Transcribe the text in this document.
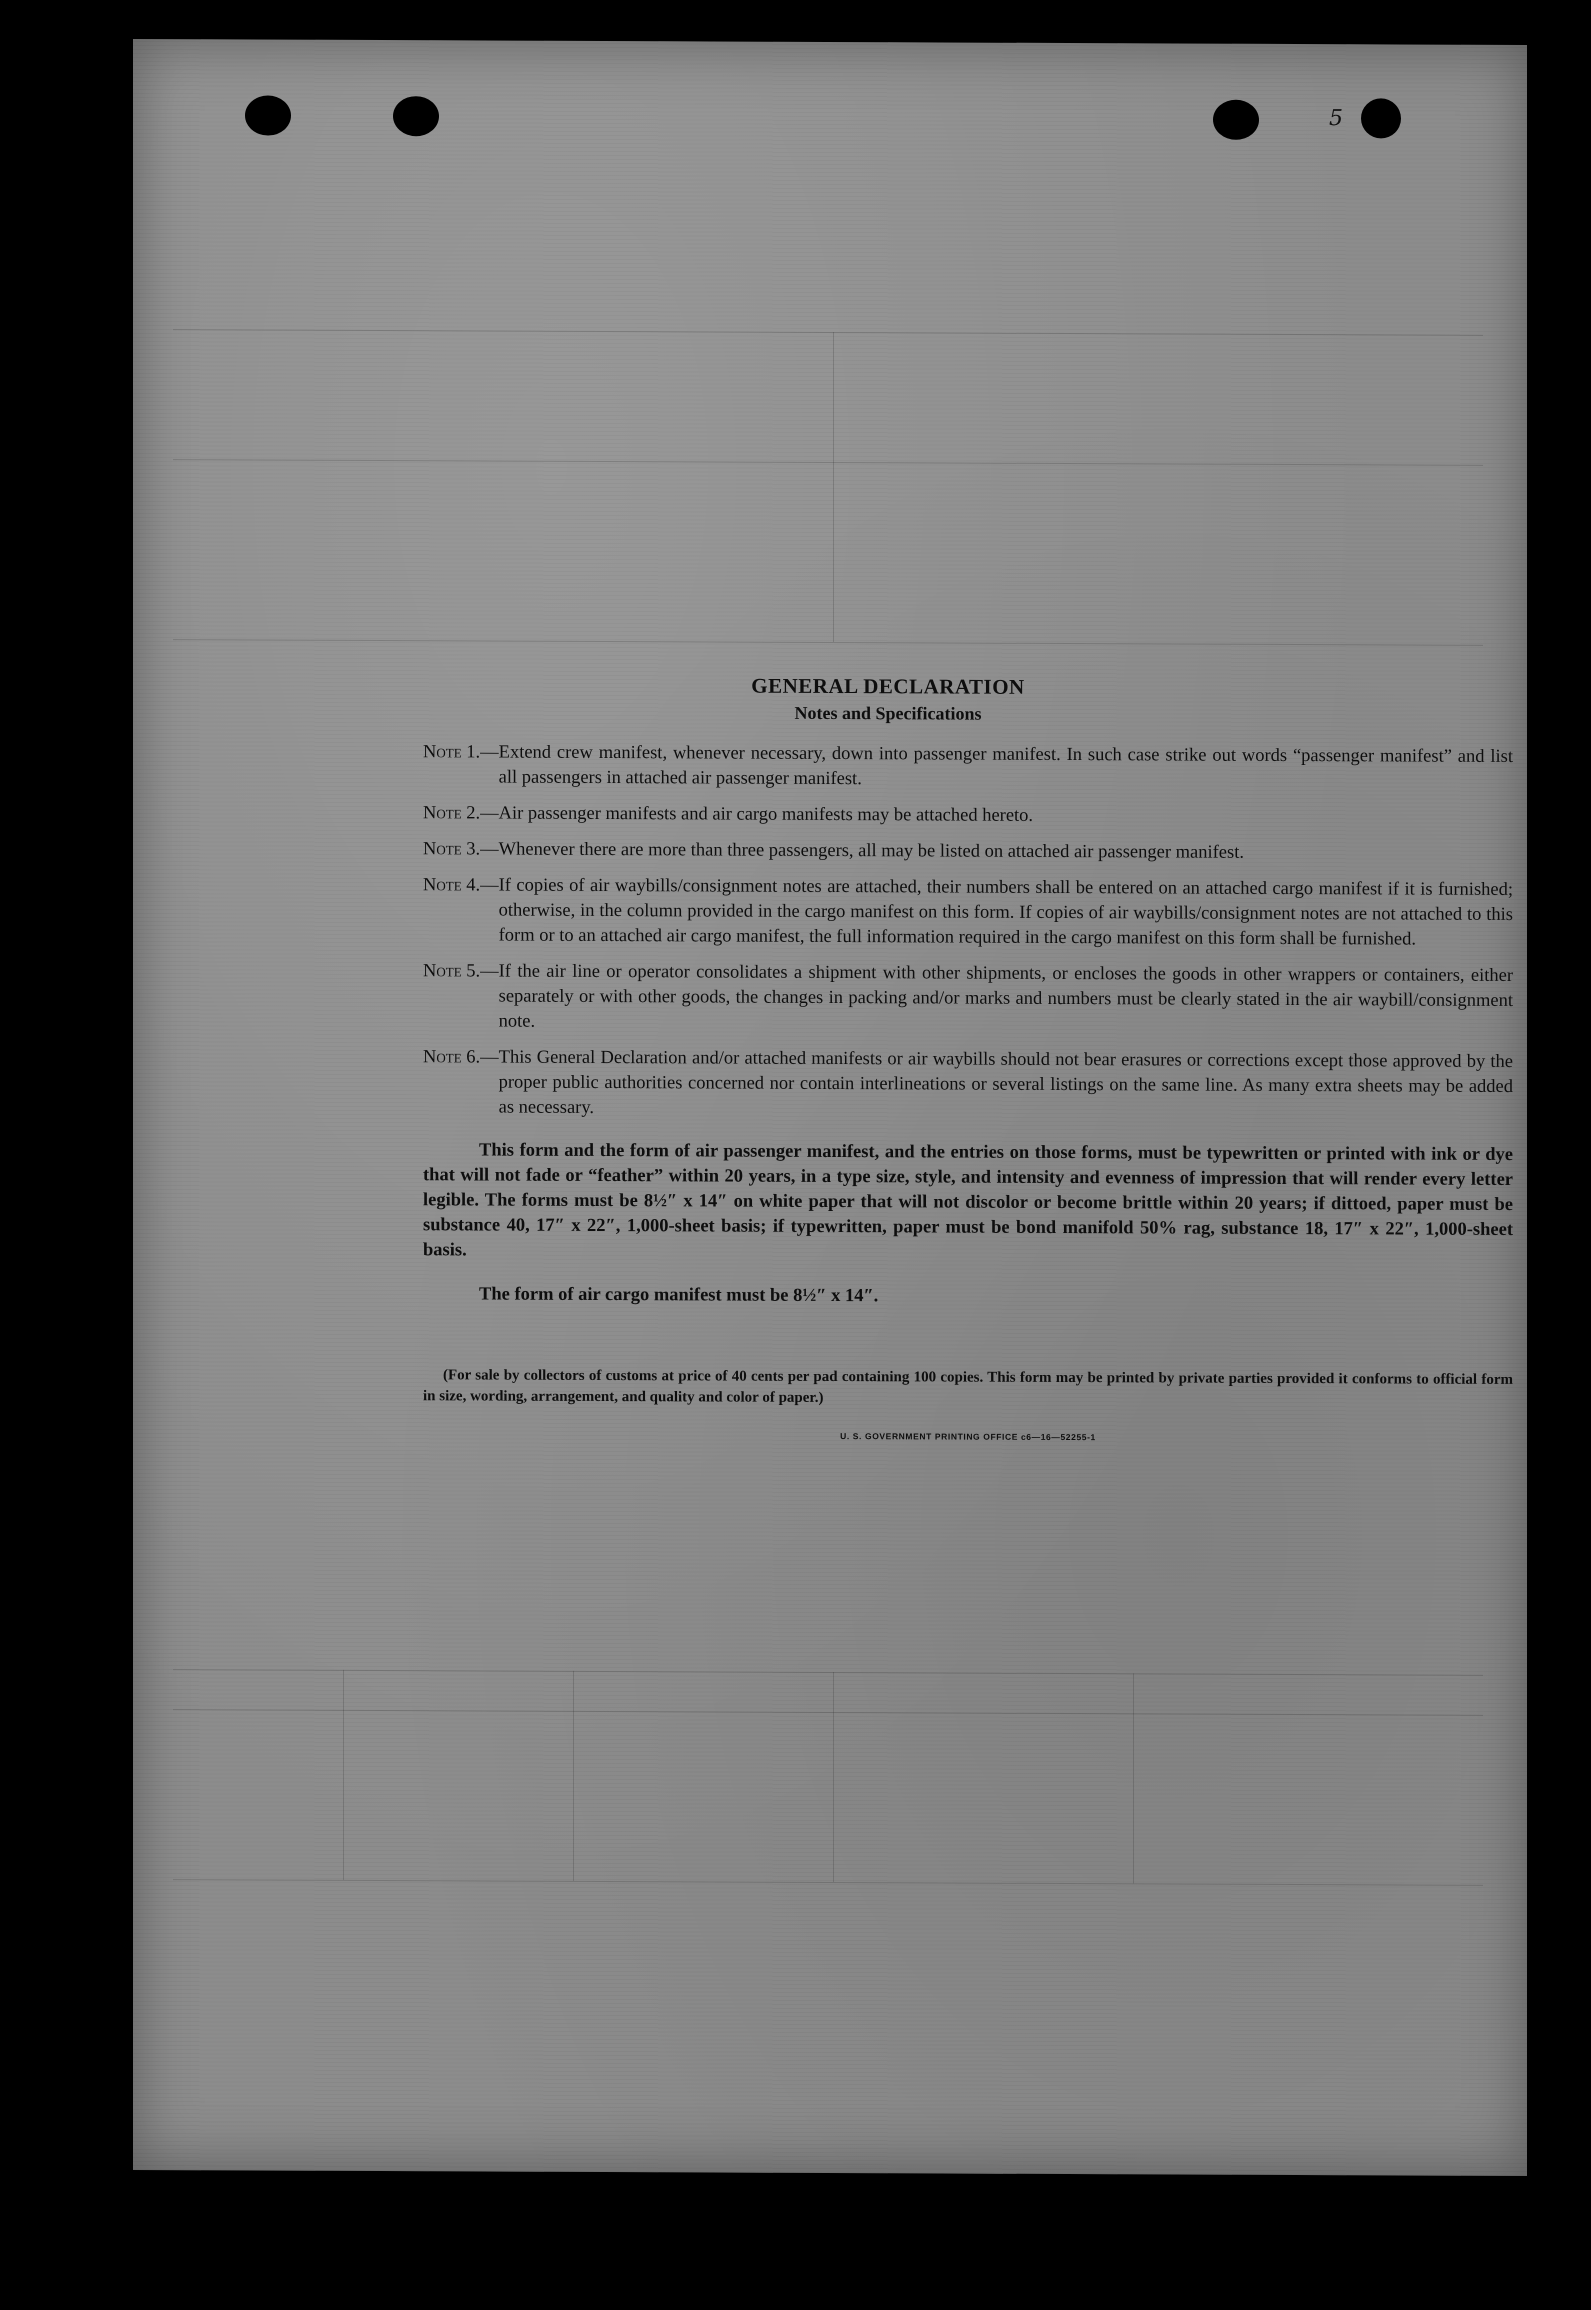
5
GENERAL DECLARATION
Notes and Specifications
Note 1.— Extend crew manifest, whenever necessary, down into passenger manifest. In such case strike out words “passenger manifest” and list all passengers in attached air passenger manifest.
Note 2.— Air passenger manifests and air cargo manifests may be attached hereto.
Note 3.— Whenever there are more than three passengers, all may be listed on attached air passenger manifest.
Note 4.— If copies of air waybills/consignment notes are attached, their numbers shall be entered on an attached cargo manifest if it is furnished; otherwise, in the column provided in the cargo manifest on this form. If copies of air waybills/consignment notes are not attached to this form or to an attached air cargo manifest, the full information required in the cargo manifest on this form shall be furnished.
Note 5.— If the air line or operator consolidates a shipment with other shipments, or encloses the goods in other wrappers or containers, either separately or with other goods, the changes in packing and/or marks and numbers must be clearly stated in the air waybill/consignment note.
Note 6.— This General Declaration and/or attached manifests or air waybills should not bear erasures or corrections except those approved by the proper public authorities concerned nor contain interlineations or several listings on the same line. As many extra sheets may be added as necessary.

This form and the form of air passenger manifest, and the entries on those forms, must be typewritten or printed with ink or dye that will not fade or “feather” within 20 years, in a type size, style, and intensity and evenness of impression that will render every letter legible. The forms must be 8½″ x 14″ on white paper that will not discolor or become brittle within 20 years; if dittoed, paper must be substance 40, 17″ x 22″, 1,000-sheet basis; if typewritten, paper must be bond manifold 50% rag, substance 18, 17″ x 22″, 1,000-sheet basis.

The form of air cargo manifest must be 8½″ x 14″.

(For sale by collectors of customs at price of 40 cents per pad containing 100 copies. This form may be printed by private parties provided it conforms to official form in size, wording, arrangement, and quality and color of paper.)
U. S. GOVERNMENT PRINTING OFFICE c6—16—52255-1
